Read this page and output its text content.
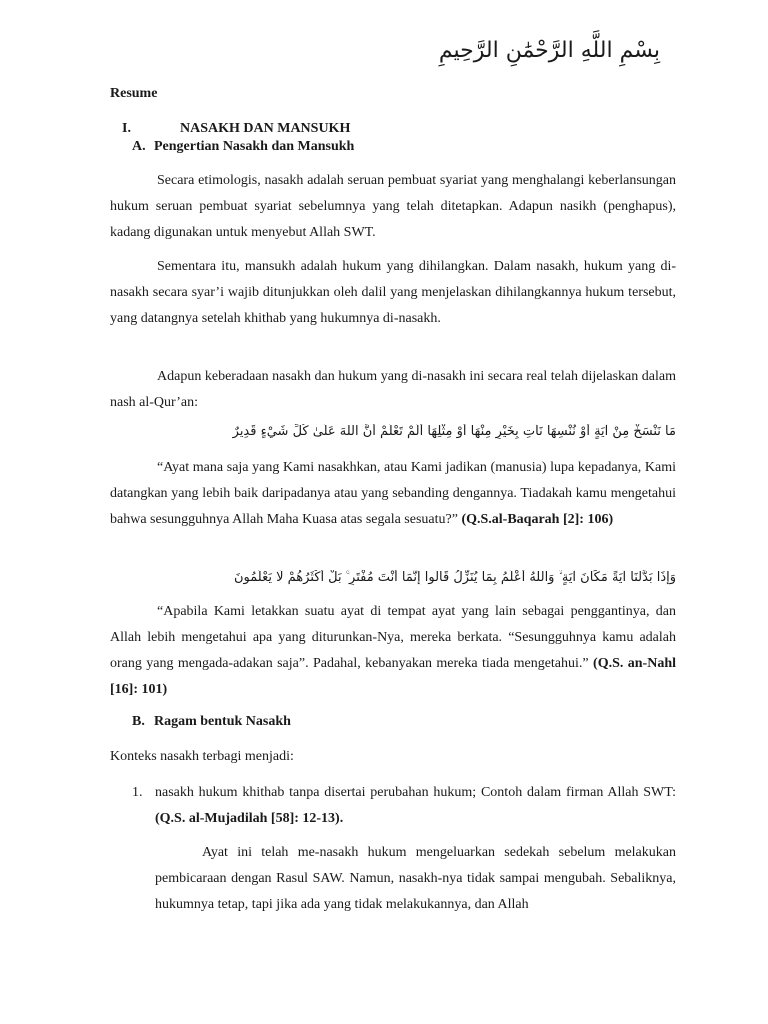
بِسْمِ اللَّهِ الرَّحْمَٰنِ الرَّحِيمِ
Resume
I.	NASAKH DAN MANSUKH
A. Pengertian Nasakh dan Mansukh

Secara etimologis, nasakh adalah seruan pembuat syariat yang menghalangi keberlansungan hukum seruan pembuat syariat sebelumnya yang telah ditetapkan. Adapun nasikh (penghapus), kadang digunakan untuk menyebut Allah SWT.

Sementara itu, mansukh adalah hukum yang dihilangkan. Dalam nasakh, hukum yang di-nasakh secara syar’i wajib ditunjukkan oleh dalil yang menjelaskan dihilangkannya hukum tersebut, yang datangnya setelah khithab yang hukumnya di-nasakh.

Adapun keberadaan nasakh dan hukum yang di-nasakh ini secara real telah dijelaskan dalam nash al-Qur’an:

مَا نَنْسَخْ مِنْ آيَةٍ أَوْ نُنْسِهَا نَأْتِ بِخَيْرٍ مِنْهَا أَوْ مِثْلِهَا أَلَمْ تَعْلَمْ أَنَّ اللَّهَ عَلَىٰ كُلِّ شَيْءٍ قَدِيرٌ

“Ayat mana saja yang Kami nasakhkan, atau Kami jadikan (manusia) lupa kepadanya, Kami datangkan yang lebih baik daripadanya atau yang sebanding dengannya. Tiadakah kamu mengetahui bahwa sesungguhnya Allah Maha Kuasa atas segala sesuatu?” (Q.S.al-Baqarah [2]: 106)

وَإِذَا بَدَّلْنَا آيَةً مَكَانَ آيَةٍ ۙ وَاللَّهُ أَعْلَمُ بِمَا يُنَزِّلُ قَالُوا إِنَّمَا أَنْتَ مُفْتَرٍ ۚ بَلْ أَكْثَرُهُمْ لَا يَعْلَمُونَ

“Apabila Kami letakkan suatu ayat di tempat ayat yang lain sebagai penggantinya, dan Allah lebih mengetahui apa yang diturunkan-Nya, mereka berkata. “Sesungguhnya kamu adalah orang yang mengada-adakan saja”. Padahal, kebanyakan mereka tiada mengetahui.” (Q.S. an-Nahl [16]: 101)

B. Ragam bentuk Nasakh
Konteks nasakh terbagi menjadi:
1. nasakh hukum khithab tanpa disertai perubahan hukum; Contoh dalam firman Allah SWT: (Q.S. al-Mujadilah [58]: 12-13).

Ayat ini telah me-nasakh hukum mengeluarkan sedekah sebelum melakukan pembicaraan dengan Rasul SAW. Namun, nasakh-nya tidak sampai mengubah. Sebaliknya, hukumnya tetap, tapi jika ada yang tidak melakukannya, dan Allah
